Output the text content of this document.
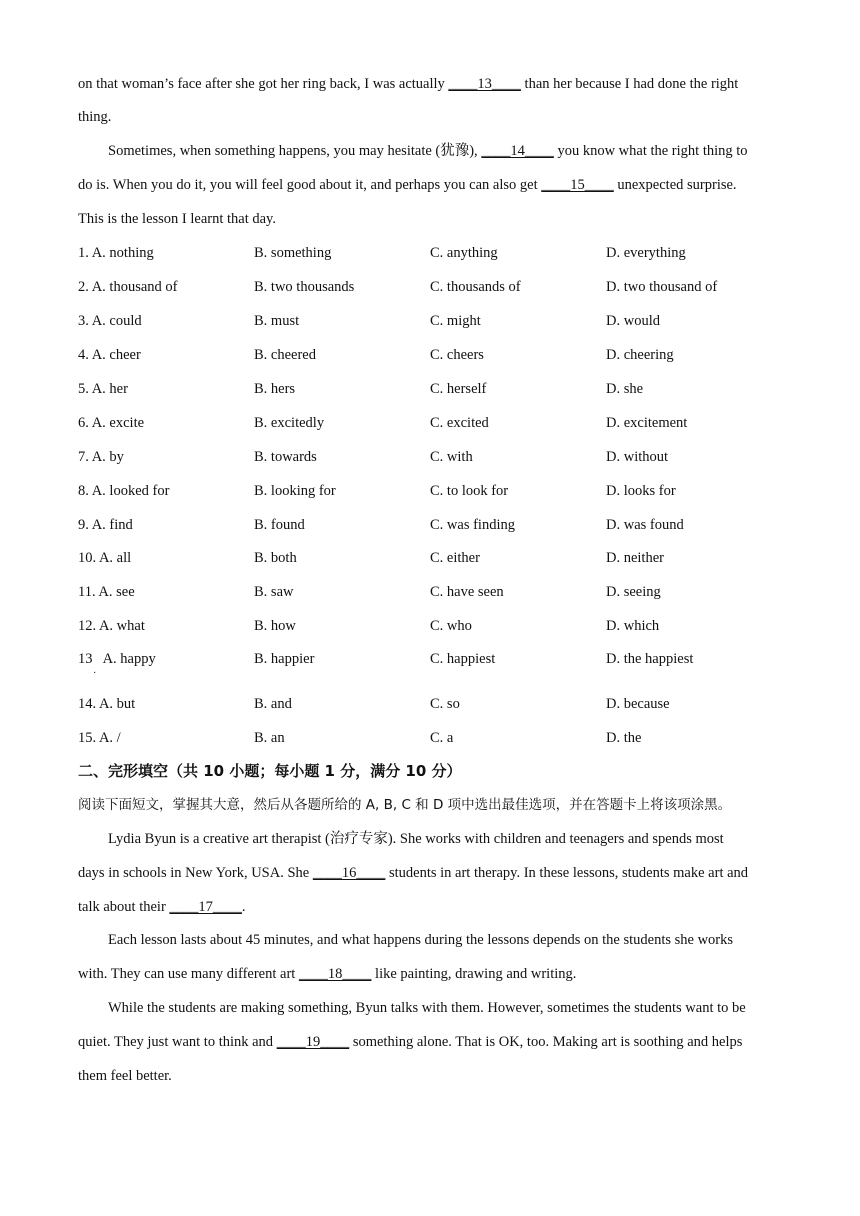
on that woman’s face after she got her ring back, I was actually ____13____ than her because I had done the right
thing.
Sometimes, when something happens, you may hesitate (犹豫), ____14____ you know what the right thing to
do is. When you do it, you will feel good about it, and perhaps you can also get ____15____ unexpected surprise.
This is the lesson I learnt that day.
1. A. nothing	B. something	C. anything	D. everything
2. A. thousand of	B. two thousands	C. thousands of	D. two thousand of
3. A. could	B. must	C. might	D. would
4. A. cheer	B. cheered	C. cheers	D. cheering
5. A. her	B. hers	C. herself	D. she
6. A. excite	B. excitedly	C. excited	D. excitement
7. A. by	B. towards	C. with	D. without
8. A. looked for	B. looking for	C. to look for	D. looks for
9. A. find	B. found	C. was finding	D. was found
10. A. all	B. both	C. either	D. neither
11. A. see	B. saw	C. have seen	D. seeing
12. A. what	B. how	C. who	D. which
13   A. happy	B. happier	C. happiest	D. the happiest
·
14. A. but	B. and	C. so	D. because
15. A. /	B. an	C. a	D. the
二、完形填空（共 10 小题；每小题 1 分，满分 10 分）
阅读下面短文，掌握其大意，然后从各题所给的 A, B, C 和 D 项中选出最佳选项，并在答题卡上将该项涂黑。
Lydia Byun is a creative art therapist (治疗专家). She works with children and teenagers and spends most
days in schools in New York, USA. She ____16____ students in art therapy. In these lessons, students make art and
talk about their ____17____.
Each lesson lasts about 45 minutes, and what happens during the lessons depends on the students she works
with. They can use many different art ____18____ like painting, drawing and writing.
While the students are making something, Byun talks with them. However, sometimes the students want to be
quiet. They just want to think and ____19____ something alone. That is OK, too. Making art is soothing and helps
them feel better.
